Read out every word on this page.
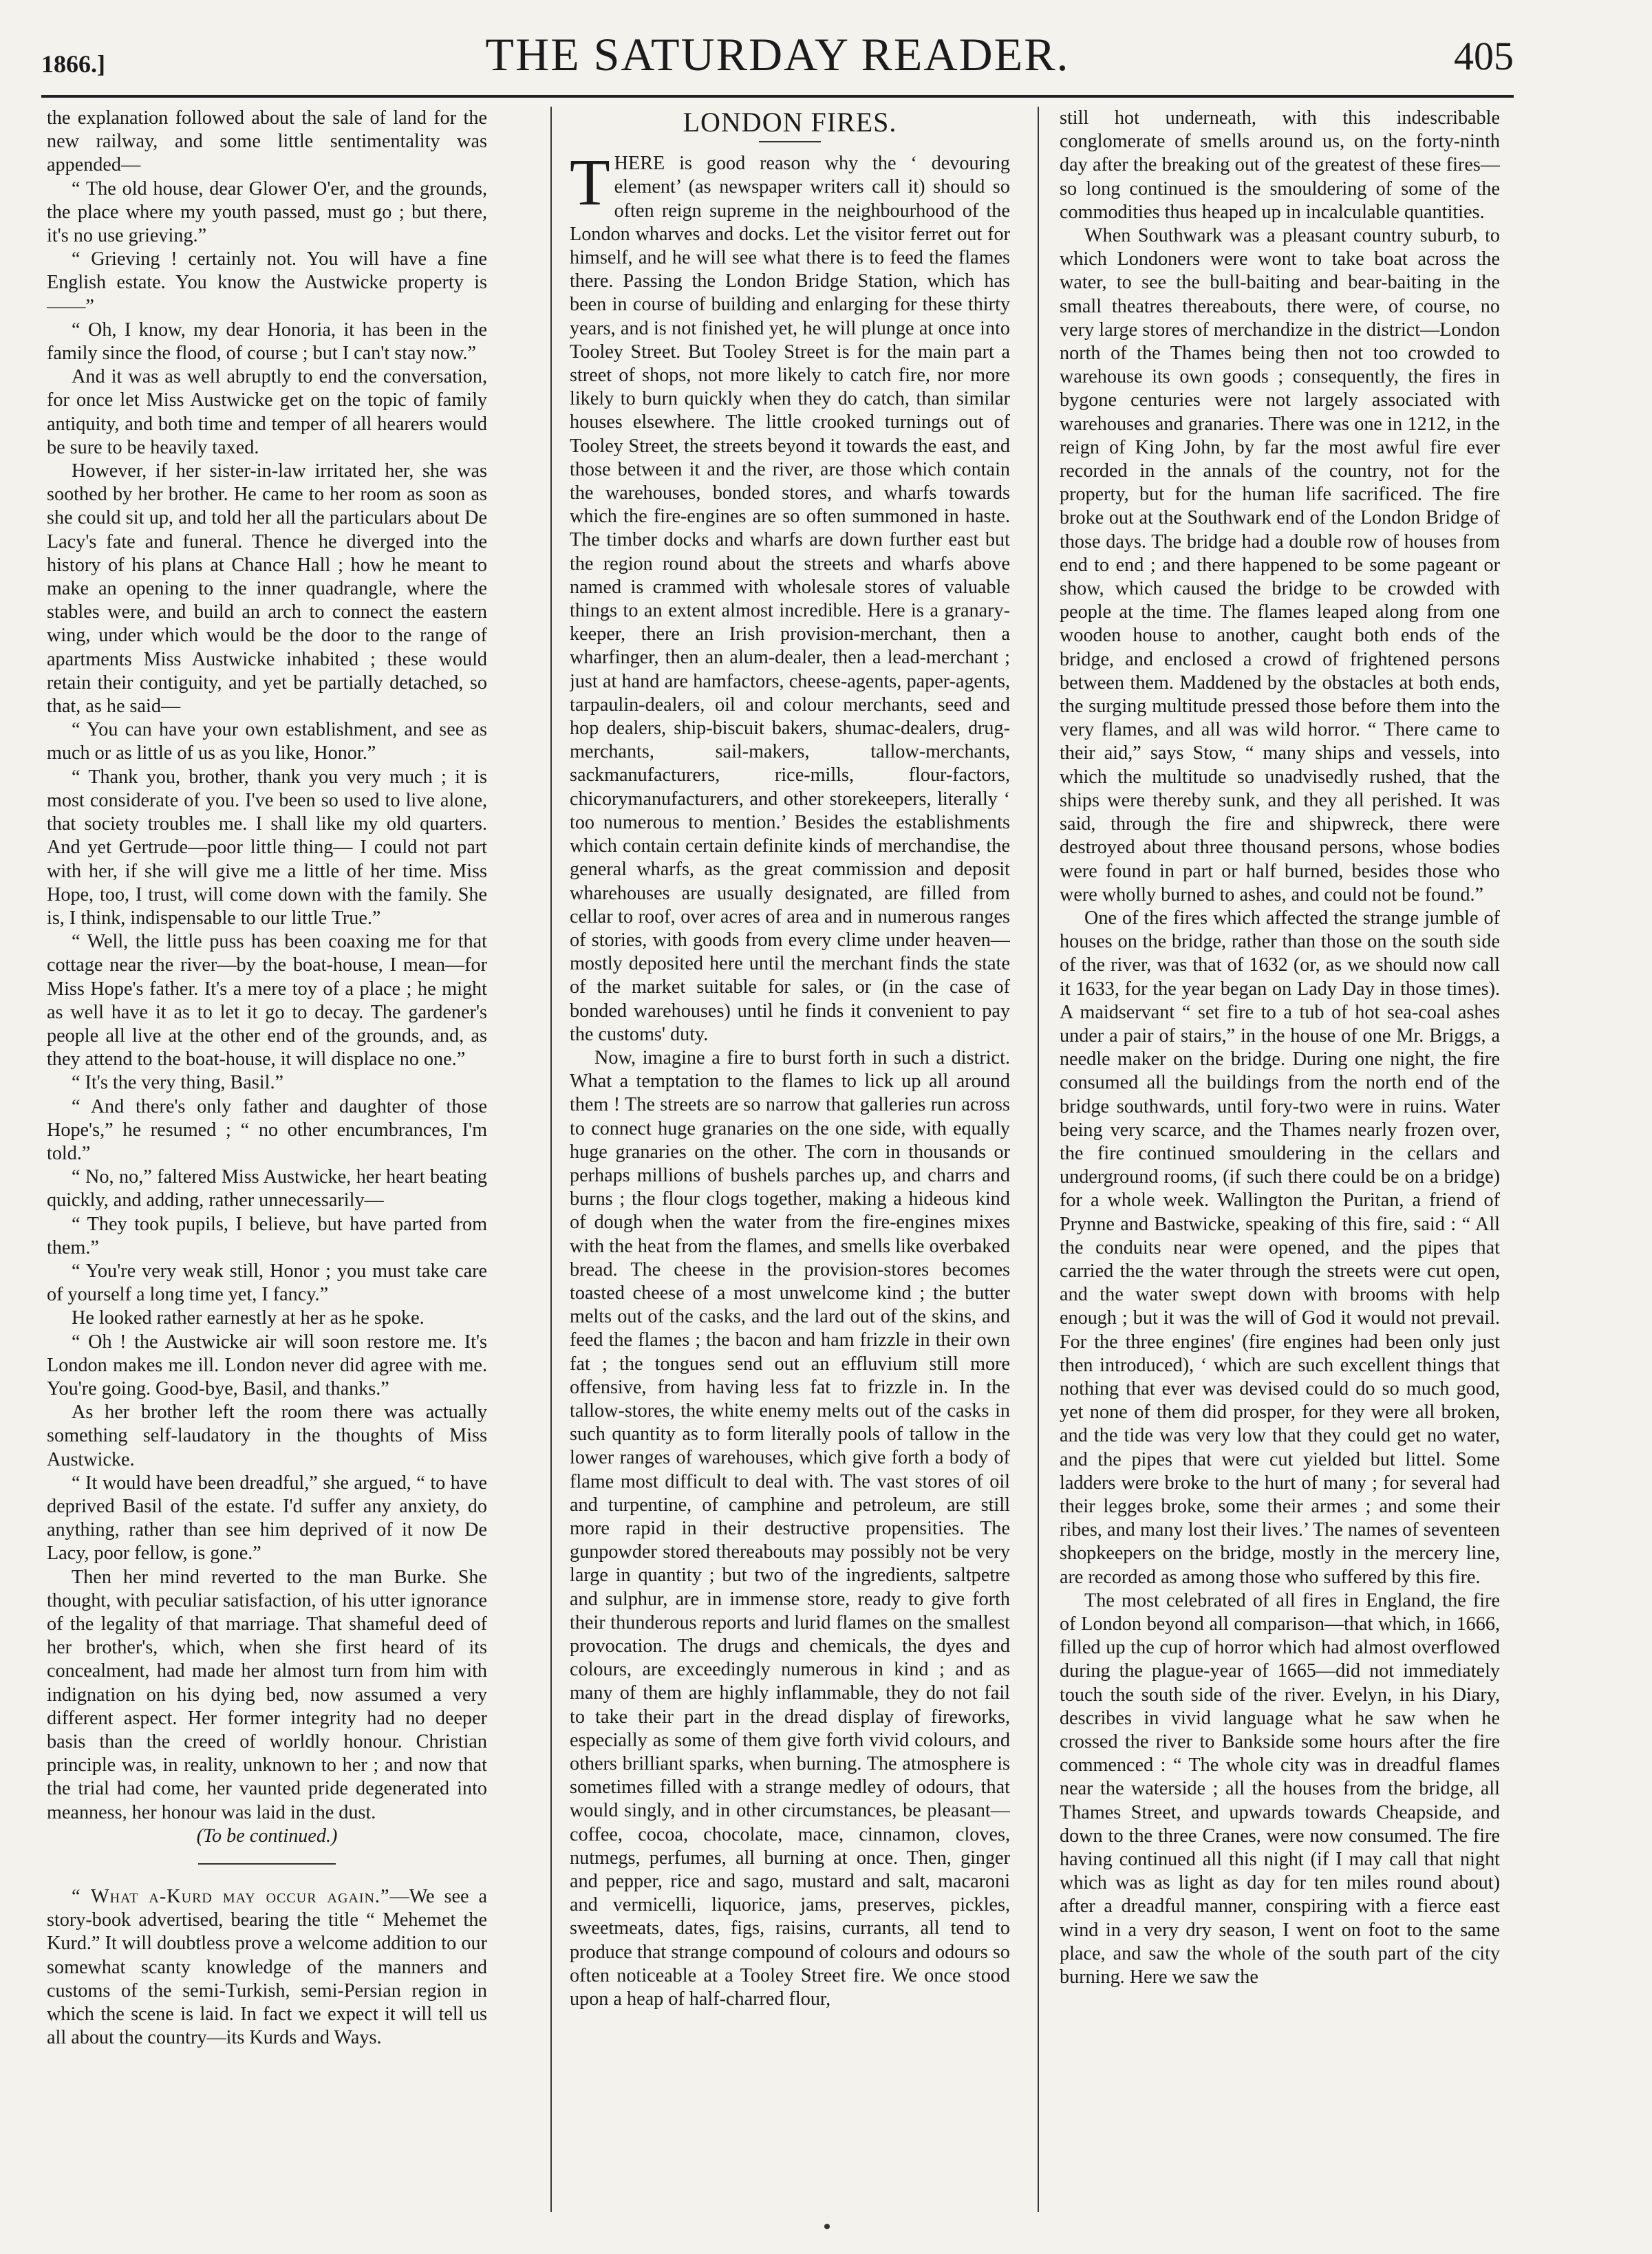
1866.]	THE SATURDAY READER.	405

the explanation followed about the sale of land for the new railway, and some little sentimentality was appended—

“ The old house, dear Glower O'er, and the grounds, the place where my youth passed, must go ; but there, it's no use grieving.”

“ Grieving ! certainly not. You will have a fine English estate. You know the Austwicke property is——”

“ Oh, I know, my dear Honoria, it has been in the family since the flood, of course ; but I can't stay now.”

And it was as well abruptly to end the conversation, for once let Miss Austwicke get on the topic of family antiquity, and both time and temper of all hearers would be sure to be heavily taxed.

However, if her sister-in-law irritated her, she was soothed by her brother. He came to her room as soon as she could sit up, and told her all the particulars about De Lacy's fate and funeral. Thence he diverged into the history of his plans at Chance Hall ; how he meant to make an opening to the inner quadrangle, where the stables were, and build an arch to connect the eastern wing, under which would be the door to the range of apartments Miss Austwicke inhabited ; these would retain their contiguity, and yet be partially detached, so that, as he said—

“ You can have your own establishment, and see as much or as little of us as you like, Honor.”

“ Thank you, brother, thank you very much ; it is most considerate of you. I've been so used to live alone, that society troubles me. I shall like my old quarters. And yet Gertrude—poor little thing— I could not part with her, if she will give me a little of her time. Miss Hope, too, I trust, will come down with the family. She is, I think, indispensable to our little True.”

“ Well, the little puss has been coaxing me for that cottage near the river—by the boat-house, I mean—for Miss Hope's father. It's a mere toy of a place ; he might as well have it as to let it go to decay. The gardener's people all live at the other end of the grounds, and, as they attend to the boat-house, it will displace no one.”

“ It's the very thing, Basil.”

“ And there's only father and daughter of those Hope's,” he resumed ; “ no other encumbrances, I'm told.”

“ No, no,” faltered Miss Austwicke, her heart beating quickly, and adding, rather unnecessarily—

“ They took pupils, I believe, but have parted from them.”

“ You're very weak still, Honor ; you must take care of yourself a long time yet, I fancy.”

He looked rather earnestly at her as he spoke.

“ Oh ! the Austwicke air will soon restore me. It's London makes me ill. London never did agree with me. You're going. Good-bye, Basil, and thanks.”

As her brother left the room there was actually something self-laudatory in the thoughts of Miss Austwicke.

“ It would have been dreadful,” she argued, “ to have deprived Basil of the estate. I'd suffer any anxiety, do anything, rather than see him deprived of it now De Lacy, poor fellow, is gone.”

Then her mind reverted to the man Burke. She thought, with peculiar satisfaction, of his utter ignorance of the legality of that marriage. That shameful deed of her brother's, which, when she first heard of its concealment, had made her almost turn from him with indignation on his dying bed, now assumed a very different aspect. Her former integrity had no deeper basis than the creed of worldly honour. Christian principle was, in reality, unknown to her ; and now that the trial had come, her vaunted pride degenerated into meanness, her honour was laid in the dust.

(To be continued.)

“ What a-Kurd may occur again.”—We see a story-book advertised, bearing the title “ Mehemet the Kurd.” It will doubtless prove a welcome addition to our somewhat scanty knowledge of the manners and customs of the semi-Turkish, semi-Persian region in which the scene is laid. In fact we expect it will tell us all about the country—its Kurds and Ways.

LONDON FIRES.

THERE is good reason why the ‘ devouring element’ (as newspaper writers call it) should so often reign supreme in the neighbourhood of the London wharves and docks. Let the visitor ferret out for himself, and he will see what there is to feed the flames there. Passing the London Bridge Station, which has been in course of building and enlarging for these thirty years, and is not finished yet, he will plunge at once into Tooley Street. But Tooley Street is for the main part a street of shops, not more likely to catch fire, nor more likely to burn quickly when they do catch, than similar houses elsewhere. The little crooked turnings out of Tooley Street, the streets beyond it towards the east, and those between it and the river, are those which contain the warehouses, bonded stores, and wharfs towards which the fire-engines are so often summoned in haste. The timber docks and wharfs are down further east but the region round about the streets and wharfs above named is crammed with wholesale stores of valuable things to an extent almost incredible. Here is a granary-keeper, there an Irish provision-merchant, then a wharfinger, then an alum-dealer, then a lead-merchant ; just at hand are hamfactors, cheese-agents, paper-agents, tarpaulin-dealers, oil and colour merchants, seed and hop dealers, ship-biscuit bakers, shumac-dealers, drug-merchants, sail-makers, tallow-merchants, sackmanufacturers, rice-mills, flour-factors, chicorymanufacturers, and other storekeepers, literally ‘ too numerous to mention.’ Besides the establishments which contain certain definite kinds of merchandise, the general wharfs, as the great commission and deposit wharehouses are usually designated, are filled from cellar to roof, over acres of area and in numerous ranges of stories, with goods from every clime under heaven—mostly deposited here until the merchant finds the state of the market suitable for sales, or (in the case of bonded warehouses) until he finds it convenient to pay the customs' duty.

Now, imagine a fire to burst forth in such a district. What a temptation to the flames to lick up all around them ! The streets are so narrow that galleries run across to connect huge granaries on the one side, with equally huge granaries on the other. The corn in thousands or perhaps millions of bushels parches up, and charrs and burns ; the flour clogs together, making a hideous kind of dough when the water from the fire-engines mixes with the heat from the flames, and smells like overbaked bread. The cheese in the provision-stores becomes toasted cheese of a most unwelcome kind ; the butter melts out of the casks, and the lard out of the skins, and feed the flames ; the bacon and ham frizzle in their own fat ; the tongues send out an effluvium still more offensive, from having less fat to frizzle in. In the tallow-stores, the white enemy melts out of the casks in such quantity as to form literally pools of tallow in the lower ranges of warehouses, which give forth a body of flame most difficult to deal with. The vast stores of oil and turpentine, of camphine and petroleum, are still more rapid in their destructive propensities. The gunpowder stored thereabouts may possibly not be very large in quantity ; but two of the ingredients, saltpetre and sulphur, are in immense store, ready to give forth their thunderous reports and lurid flames on the smallest provocation. The drugs and chemicals, the dyes and colours, are exceedingly numerous in kind ; and as many of them are highly inflammable, they do not fail to take their part in the dread display of fireworks, especially as some of them give forth vivid colours, and others brilliant sparks, when burning. The atmosphere is sometimes filled with a strange medley of odours, that would singly, and in other circumstances, be pleasant—coffee, cocoa, chocolate, mace, cinnamon, cloves, nutmegs, perfumes, all burning at once. Then, ginger and pepper, rice and sago, mustard and salt, macaroni and vermicelli, liquorice, jams, preserves, pickles, sweetmeats, dates, figs, raisins, currants, all tend to produce that strange compound of colours and odours so often noticeable at a Tooley Street fire. We once stood upon a heap of half-charred flour,

still hot underneath, with this indescribable conglomerate of smells around us, on the forty-ninth day after the breaking out of the greatest of these fires—so long continued is the smouldering of some of the commodities thus heaped up in incalculable quantities.

When Southwark was a pleasant country suburb, to which Londoners were wont to take boat across the water, to see the bull-baiting and bear-baiting in the small theatres thereabouts, there were, of course, no very large stores of merchandize in the district—London north of the Thames being then not too crowded to warehouse its own goods ; consequently, the fires in bygone centuries were not largely associated with warehouses and granaries. There was one in 1212, in the reign of King John, by far the most awful fire ever recorded in the annals of the country, not for the property, but for the human life sacrificed. The fire broke out at the Southwark end of the London Bridge of those days. The bridge had a double row of houses from end to end ; and there happened to be some pageant or show, which caused the bridge to be crowded with people at the time. The flames leaped along from one wooden house to another, caught both ends of the bridge, and enclosed a crowd of frightened persons between them. Maddened by the obstacles at both ends, the surging multitude pressed those before them into the very flames, and all was wild horror. “ There came to their aid,” says Stow, “ many ships and vessels, into which the multitude so unadvisedly rushed, that the ships were thereby sunk, and they all perished. It was said, through the fire and shipwreck, there were destroyed about three thousand persons, whose bodies were found in part or half burned, besides those who were wholly burned to ashes, and could not be found.”

One of the fires which affected the strange jumble of houses on the bridge, rather than those on the south side of the river, was that of 1632 (or, as we should now call it 1633, for the year began on Lady Day in those times). A maidservant “ set fire to a tub of hot sea-coal ashes under a pair of stairs,” in the house of one Mr. Briggs, a needle maker on the bridge. During one night, the fire consumed all the buildings from the north end of the bridge southwards, until fory-two were in ruins. Water being very scarce, and the Thames nearly frozen over, the fire continued smouldering in the cellars and underground rooms, (if such there could be on a bridge) for a whole week. Wallington the Puritan, a friend of Prynne and Bastwicke, speaking of this fire, said : “ All the conduits near were opened, and the pipes that carried the the water through the streets were cut open, and the water swept down with brooms with help enough ; but it was the will of God it would not prevail. For the three engines' (fire engines had been only just then introduced), ‘ which are such excellent things that nothing that ever was devised could do so much good, yet none of them did prosper, for they were all broken, and the tide was very low that they could get no water, and the pipes that were cut yielded but littel. Some ladders were broke to the hurt of many ; for several had their legges broke, some their armes ; and some their ribes, and many lost their lives.’ The names of seventeen shopkeepers on the bridge, mostly in the mercery line, are recorded as among those who suffered by this fire.

The most celebrated of all fires in England, the fire of London beyond all comparison—that which, in 1666, filled up the cup of horror which had almost overflowed during the plague-year of 1665—did not immediately touch the south side of the river. Evelyn, in his Diary, describes in vivid language what he saw when he crossed the river to Bankside some hours after the fire commenced : “ The whole city was in dreadful flames near the waterside ; all the houses from the bridge, all Thames Street, and upwards towards Cheapside, and down to the three Cranes, were now consumed. The fire having continued all this night (if I may call that night which was as light as day for ten miles round about) after a dreadful manner, conspiring with a fierce east wind in a very dry season, I went on foot to the same place, and saw the whole of the south part of the city burning. Here we saw the
